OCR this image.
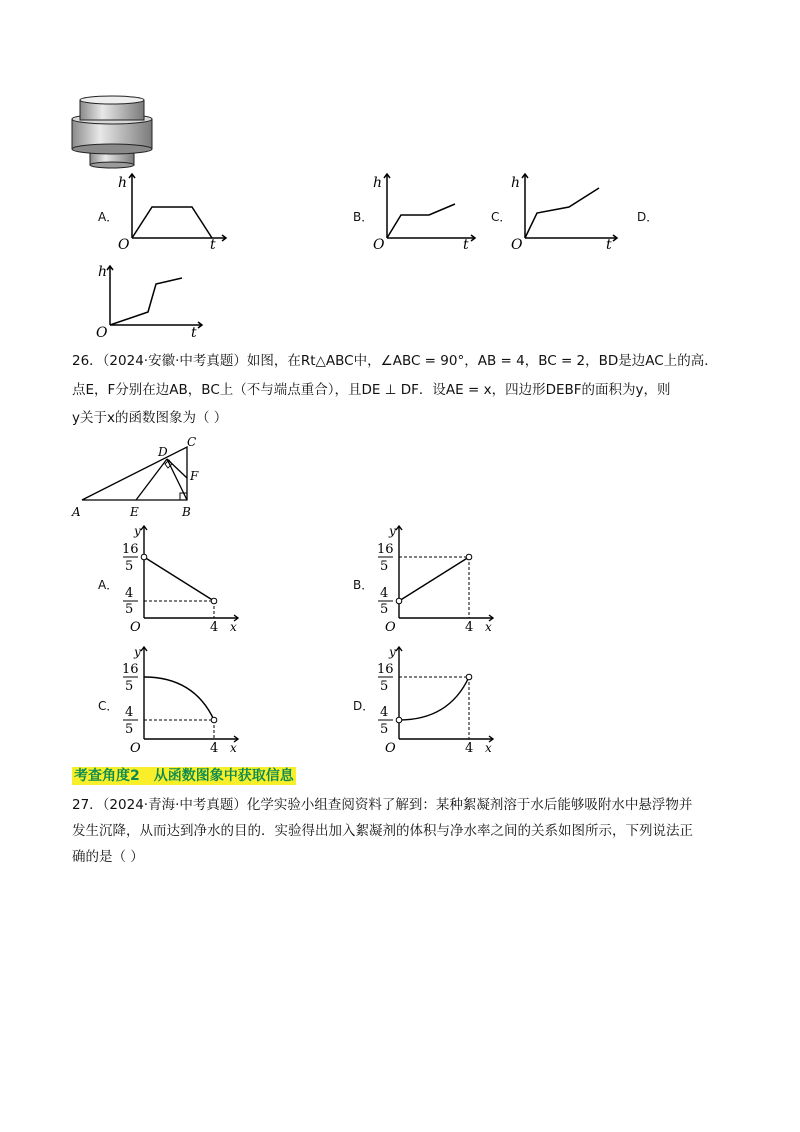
A．
h
t
O
B．
h
t
O
C．
h
t
O
D．
h
t
O
26．（2024·安徽·中考真题）如图，在Rt△ABC中，∠ABC = 90°，AB = 4，BC = 2，BD是边AC上的高．
点E，F分别在边AB，BC上（不与端点重合），且DE ⊥ DF．设AE = x，四边形DEBF的面积为y，则
y关于x的函数图象为（ ）
A	B
C
D
E
F
A．
y
16
5
4
5
O	4 x
B．
y
16
5
4
5
O	4 x
C．
y
16
5
4
5
O	4 x
D．
y
16
5
4
5
O	4 x
考查角度2　从函数图象中获取信息
27．（2024·青海·中考真题）化学实验小组查阅资料了解到：某种絮凝剂溶于水后能够吸附水中悬浮物并
发生沉降，从而达到净水的目的．实验得出加入絮凝剂的体积与净水率之间的关系如图所示，下列说法正
确的是（ ）
